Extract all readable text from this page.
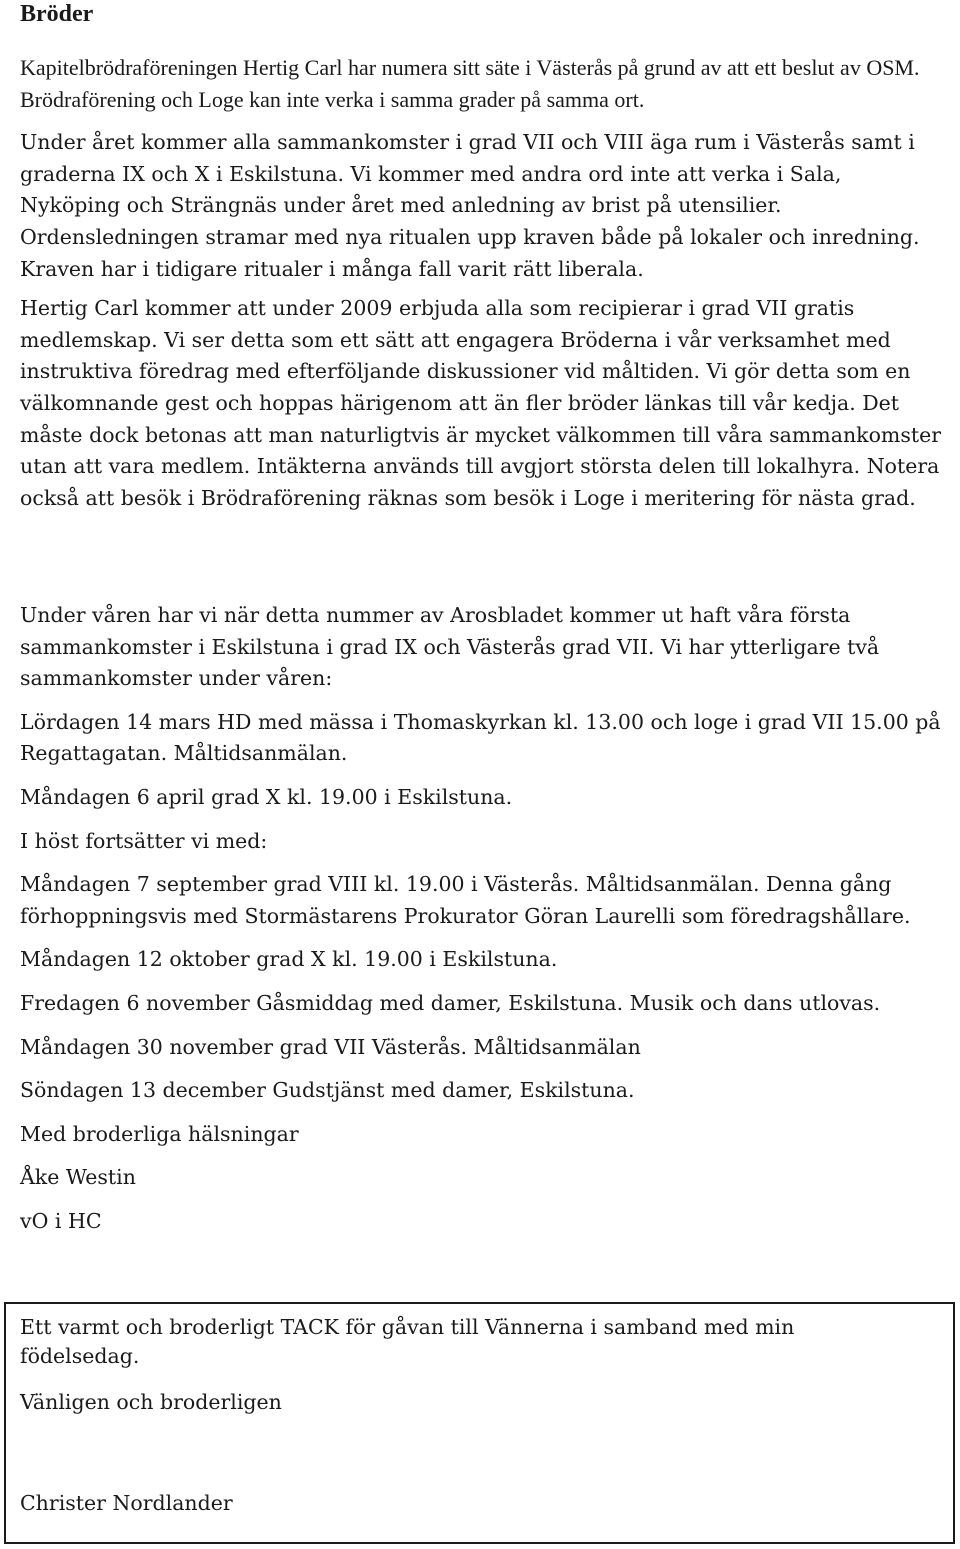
Bröder

Kapitelbrödraföreningen Hertig Carl har numera sitt säte i Västerås på grund av att ett beslut av OSM. Brödraförening och Loge kan inte verka i samma grader på samma ort.

Under året kommer alla sammankomster i grad VII och VIII äga rum i Västerås samt i graderna IX och X i Eskilstuna. Vi kommer med andra ord inte att verka i Sala, Nyköping och Strängnäs under året med anledning av brist på utensilier. Ordensledningen stramar med nya ritualen upp kraven både på lokaler och inredning. Kraven har i tidigare ritualer i många fall varit rätt liberala.

Hertig Carl kommer att under 2009 erbjuda alla som recipierar i grad VII gratis medlemskap. Vi ser detta som ett sätt att engagera Bröderna i vår verksamhet med instruktiva föredrag med efterföljande diskussioner vid måltiden. Vi gör detta som en välkomnande gest och hoppas härigenom att än fler bröder länkas till vår kedja. Det måste dock betonas att man naturligtvis är mycket välkommen till våra sammankomster utan att vara medlem. Intäkterna används till avgjort största delen till lokalhyra. Notera också att besök i Brödraförening räknas som besök i Loge i meritering för nästa grad.

Under våren har vi när detta nummer av Arosbladet kommer ut haft våra första sammankomster i Eskilstuna i grad IX och Västerås grad VII. Vi har ytterligare två sammankomster under våren:

Lördagen 14 mars HD med mässa i Thomaskyrkan kl. 13.00 och loge i grad VII 15.00 på Regattagatan. Måltidsanmälan.

Måndagen 6 april grad X kl. 19.00 i Eskilstuna.

I höst fortsätter vi med:

Måndagen 7 september grad VIII kl. 19.00 i Västerås. Måltidsanmälan. Denna gång förhoppningsvis med Stormästarens Prokurator Göran Laurelli som föredragshållare.

Måndagen 12 oktober grad X kl. 19.00 i Eskilstuna.

Fredagen 6 november Gåsmiddag med damer, Eskilstuna. Musik och dans utlovas.

Måndagen 30 november grad VII Västerås. Måltidsanmälan

Söndagen 13 december Gudstjänst med damer, Eskilstuna.

Med broderliga hälsningar

Åke Westin

vO i HC

Ett varmt och broderligt TACK för gåvan till Vännerna i samband med min födelsedag.

Vänligen och broderligen

Christer Nordlander
